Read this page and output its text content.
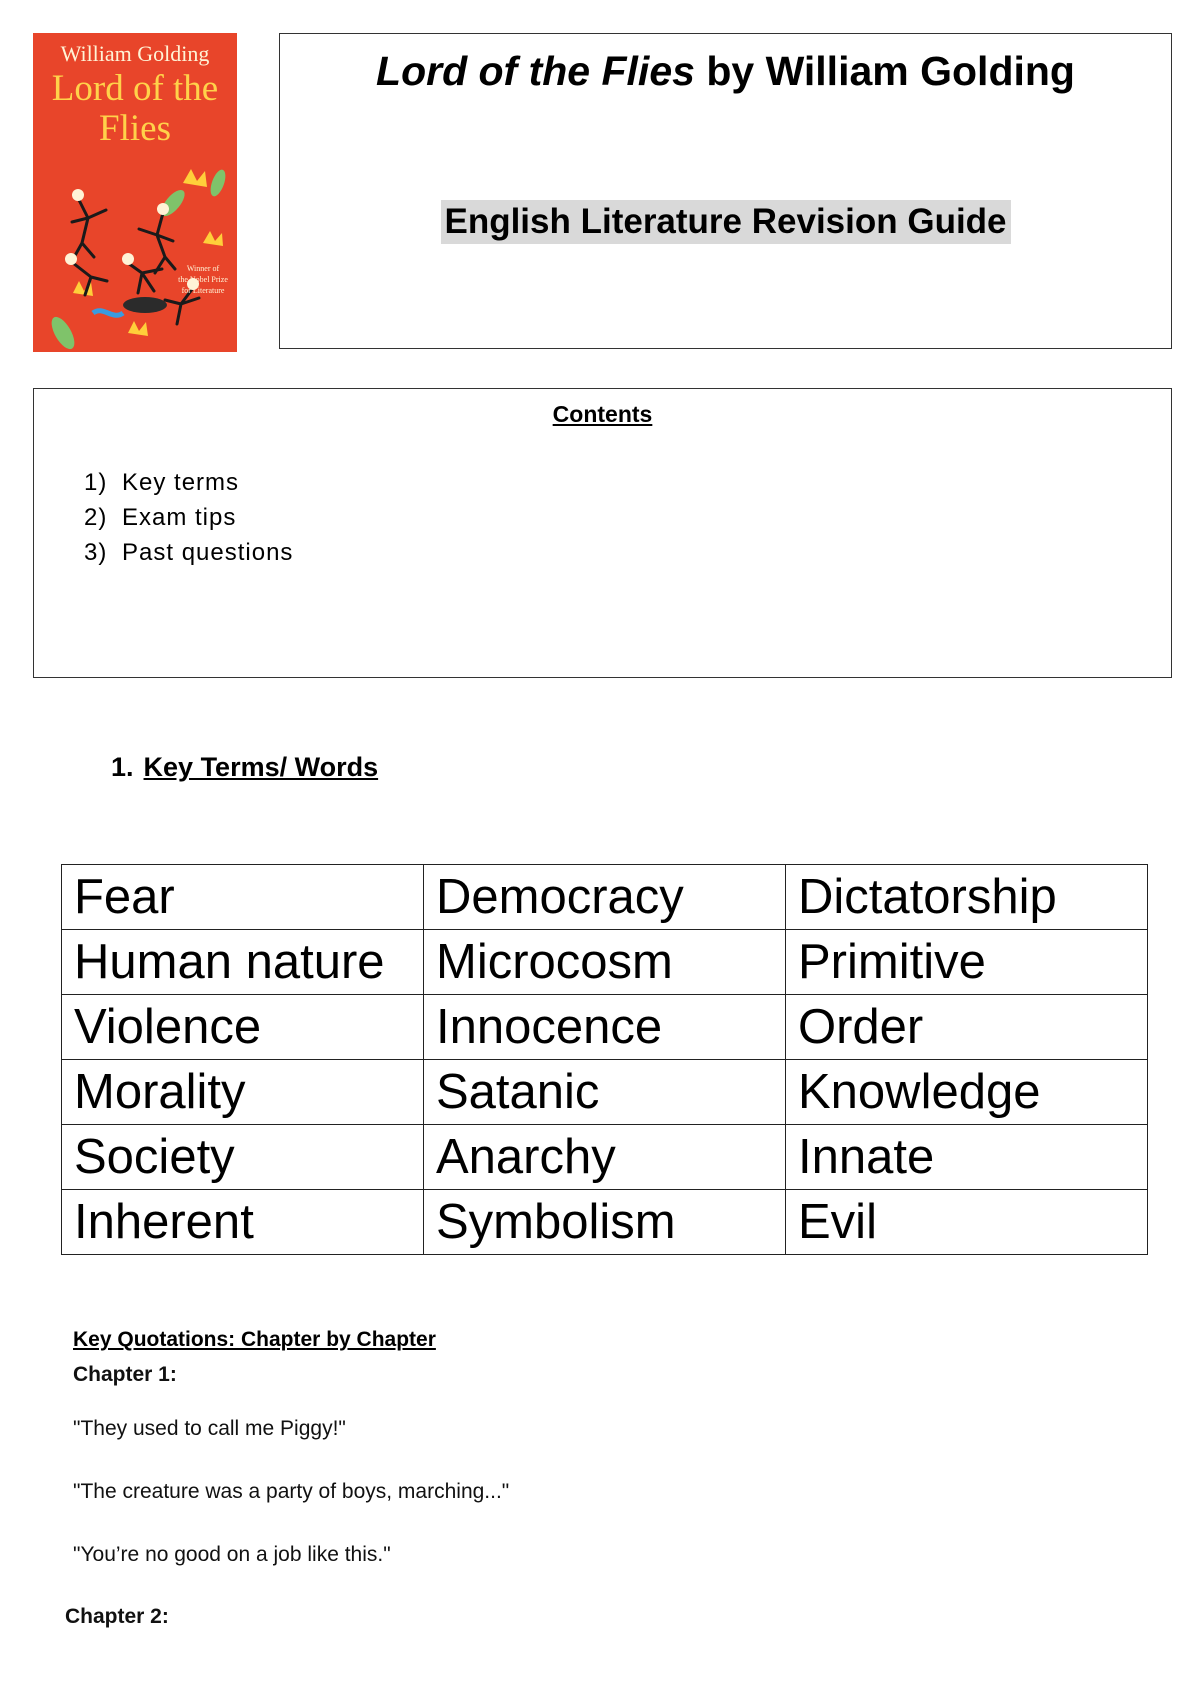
William Golding
Lord of the Flies
Winner of
the Nobel Prize
for Literature
Lord of the Flies by William Golding
English Literature Revision Guide
Contents
1) Key terms
2) Exam tips
3) Past questions
1. Key Terms/ Words
Fear	Democracy	Dictatorship
Human nature	Microcosm	Primitive
Violence	Innocence	Order
Morality	Satanic	Knowledge
Society	Anarchy	Innate
Inherent	Symbolism	Evil
Key Quotations: Chapter by Chapter
Chapter 1:
"They used to call me Piggy!"
"The creature was a party of boys, marching..."
"You’re no good on a job like this."
Chapter 2:
